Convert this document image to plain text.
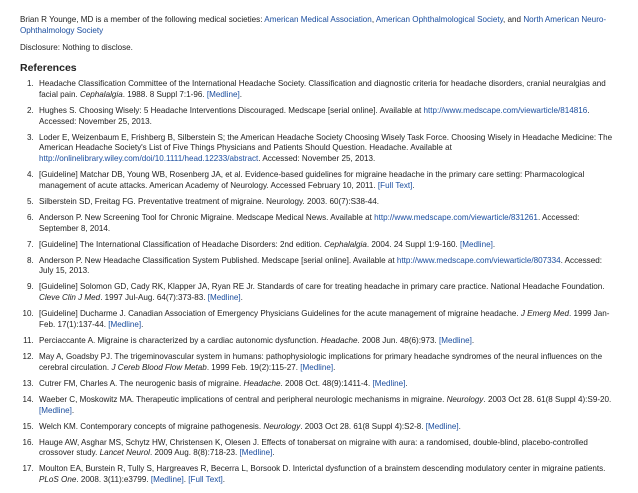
Brian R Younge, MD is a member of the following medical societies: American Medical Association, American Ophthalmological Society, and North American Neuro-Ophthalmology Society

Disclosure: Nothing to disclose.

References
1. Headache Classification Committee of the International Headache Society. Classification and diagnostic criteria for headache disorders, cranial neuralgias and facial pain. Cephalalgia. 1988. 8 Suppl 7:1-96. [Medline].
2. Hughes S. Choosing Wisely: 5 Headache Interventions Discouraged. Medscape [serial online]. Available at http://www.medscape.com/viewarticle/814816. Accessed: November 25, 2013.
3. Loder E, Weizenbaum E, Frishberg B, Silberstein S; the American Headache Society Choosing Wisely Task Force. Choosing Wisely in Headache Medicine: The American Headache Society's List of Five Things Physicians and Patients Should Question. Headache. Available at http://onlinelibrary.wiley.com/doi/10.1111/head.12233/abstract. Accessed: November 25, 2013.
4. [Guideline] Matchar DB, Young WB, Rosenberg JA, et al. Evidence-based guidelines for migraine headache in the primary care setting: Pharmacological management of acute attacks. American Academy of Neurology. Accessed February 10, 2011. [Full Text].
5. Silberstein SD, Freitag FG. Preventative treatment of migraine. Neurology. 2003. 60(7):S38-44.
6. Anderson P. New Screening Tool for Chronic Migraine. Medscape Medical News. Available at http://www.medscape.com/viewarticle/831261. Accessed: September 8, 2014.
7. [Guideline] The International Classification of Headache Disorders: 2nd edition. Cephalalgia. 2004. 24 Suppl 1:9-160. [Medline].
8. Anderson P. New Headache Classification System Published. Medscape [serial online]. Available at http://www.medscape.com/viewarticle/807334. Accessed: July 15, 2013.
9. [Guideline] Solomon GD, Cady RK, Klapper JA, Ryan RE Jr. Standards of care for treating headache in primary care practice. National Headache Foundation. Cleve Clin J Med. 1997 Jul-Aug. 64(7):373-83. [Medline].
10. [Guideline] Ducharme J. Canadian Association of Emergency Physicians Guidelines for the acute management of migraine headache. J Emerg Med. 1999 Jan-Feb. 17(1):137-44. [Medline].
11. Perciaccante A. Migraine is characterized by a cardiac autonomic dysfunction. Headache. 2008 Jun. 48(6):973. [Medline].
12. May A, Goadsby PJ. The trigeminovascular system in humans: pathophysiologic implications for primary headache syndromes of the neural influences on the cerebral circulation. J Cereb Blood Flow Metab. 1999 Feb. 19(2):115-27. [Medline].
13. Cutrer FM, Charles A. The neurogenic basis of migraine. Headache. 2008 Oct. 48(9):1411-4. [Medline].
14. Waeber C, Moskowitz MA. Therapeutic implications of central and peripheral neurologic mechanisms in migraine. Neurology. 2003 Oct 28. 61(8 Suppl 4):S9-20. [Medline].
15. Welch KM. Contemporary concepts of migraine pathogenesis. Neurology. 2003 Oct 28. 61(8 Suppl 4):S2-8. [Medline].
16. Hauge AW, Asghar MS, Schytz HW, Christensen K, Olesen J. Effects of tonabersat on migraine with aura: a randomised, double-blind, placebo-controlled crossover study. Lancet Neurol. 2009 Aug. 8(8):718-23. [Medline].
17. Moulton EA, Burstein R, Tully S, Hargreaves R, Becerra L, Borsook D. Interictal dysfunction of a brainstem descending modulatory center in migraine patients. PLoS One. 2008. 3(11):e3799. [Medline]. [Full Text].
